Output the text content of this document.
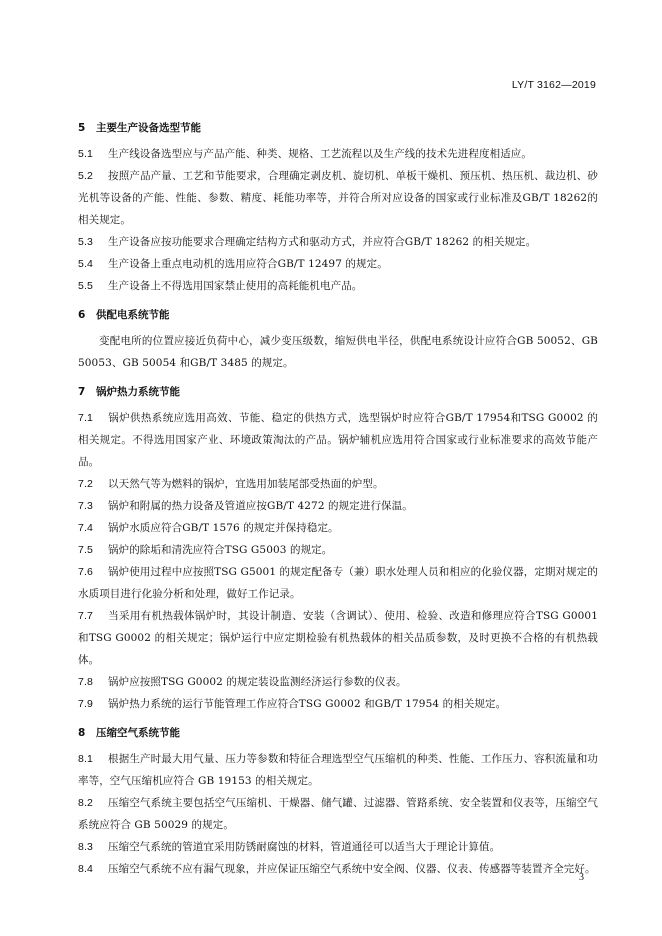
LY/T 3162—2019
5 主要生产设备选型节能

5.1 生产线设备选型应与产品产能、种类、规格、工艺流程以及生产线的技术先进程度相适应。

5.2 按照产品产量、工艺和节能要求，合理确定剥皮机、旋切机、单板干燥机、预压机、热压机、裁边机、砂光机等设备的产能、性能、参数、精度、耗能功率等，并符合所对应设备的国家或行业标准及GB/T 18262的相关规定。

5.3 生产设备应按功能要求合理确定结构方式和驱动方式，并应符合GB/T 18262 的相关规定。

5.4 生产设备上重点电动机的选用应符合GB/T 12497 的规定。

5.5 生产设备上不得选用国家禁止使用的高耗能机电产品。

6 供配电系统节能

变配电所的位置应接近负荷中心，减少变压级数，缩短供电半径，供配电系统设计应符合GB 50052、GB 50053、GB 50054 和GB/T 3485 的规定。

7 锅炉热力系统节能

7.1 锅炉供热系统应选用高效、节能、稳定的供热方式，选型锅炉时应符合GB/T 17954和TSG G0002 的相关规定。不得选用国家产业、环境政策淘汰的产品。锅炉辅机应选用符合国家或行业标准要求的高效节能产品。

7.2 以天然气等为燃料的锅炉，宜选用加装尾部受热面的炉型。

7.3 锅炉和附属的热力设备及管道应按GB/T 4272 的规定进行保温。

7.4 锅炉水质应符合GB/T 1576 的规定并保持稳定。

7.5 锅炉的除垢和清洗应符合TSG G5003 的规定。

7.6 锅炉使用过程中应按照TSG G5001 的规定配备专（兼）职水处理人员和相应的化验仪器，定期对规定的水质项目进行化验分析和处理，做好工作记录。

7.7 当采用有机热载体锅炉时，其设计制造、安装（含调试）、使用、检验、改造和修理应符合TSG G0001和TSG G0002 的相关规定；锅炉运行中应定期检验有机热载体的相关品质参数，及时更换不合格的有机热载体。

7.8 锅炉应按照TSG G0002 的规定装设监测经济运行参数的仪表。

7.9 锅炉热力系统的运行节能管理工作应符合TSG G0002 和GB/T 17954 的相关规定。

8 压缩空气系统节能

8.1 根据生产时最大用气量、压力等参数和特征合理选型空气压缩机的种类、性能、工作压力、容积流量和功率等，空气压缩机应符合 GB 19153 的相关规定。

8.2 压缩空气系统主要包括空气压缩机、干燥器、储气罐、过滤器、管路系统、安全装置和仪表等，压缩空气系统应符合 GB 50029 的规定。

8.3 压缩空气系统的管道宜采用防锈耐腐蚀的材料，管道通径可以适当大于理论计算值。

8.4 压缩空气系统不应有漏气现象，并应保证压缩空气系统中安全阀、仪器、仪表、传感器等装置齐全完好。

3
